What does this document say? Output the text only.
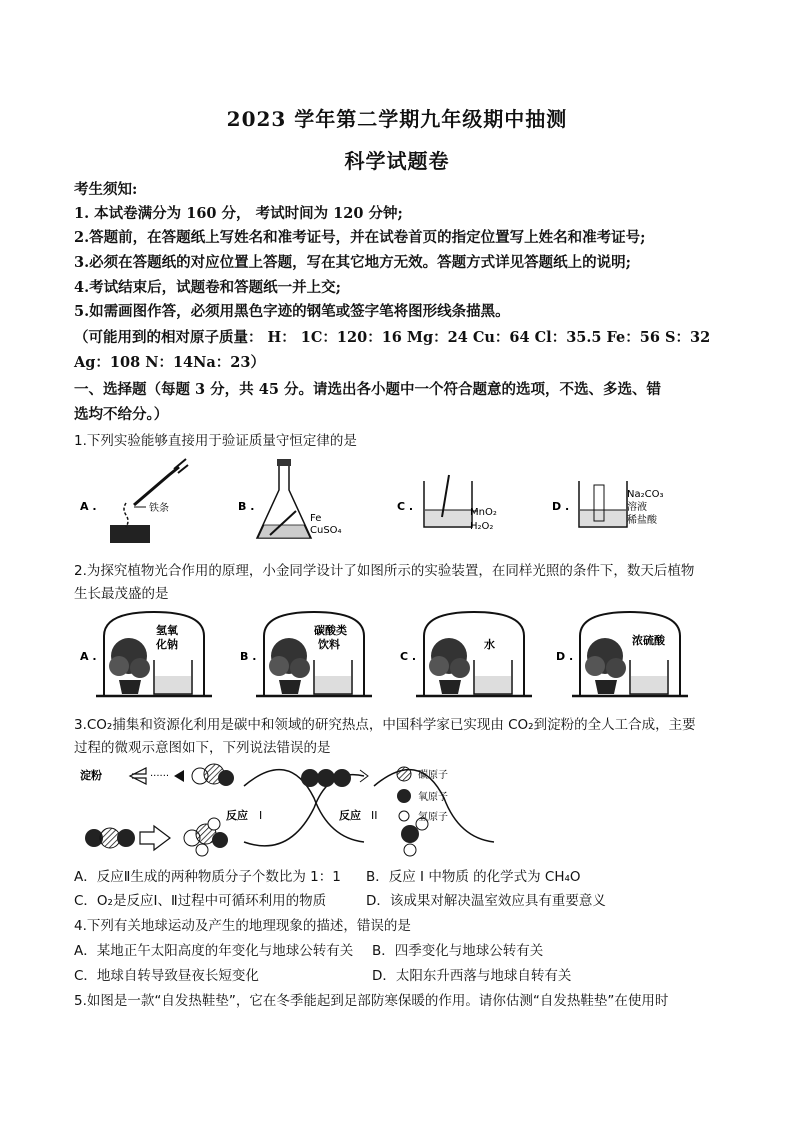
2023 学年第二学期九年级期中抽测
科学试题卷
考生须知:
1. 本试卷满分为 160 分， 考试时间为 120 分钟;
2.答题前，在答题纸上写姓名和准考证号，并在试卷首页的指定位置写上姓名和准考证号;
3.必须在答题纸的对应位置上答题，写在其它地方无效。答题方式详见答题纸上的说明;
4.考试结束后，试题卷和答题纸一并上交;
5.如需画图作答，必须用黑色字迹的钢笔或签字笔将图形线条描黑。
（可能用到的相对原子质量： H： 1C：120：16 Mg：24 Cu：64 Cl：35.5 Fe：56 S：32
Ag：108 N：14Na：23）
一、选择题（每题 3 分，共 45 分。请选出各小题中一个符合题意的选项，不选、多选、错
选均不给分。）
1.下列实验能够直接用于验证质量守恒定律的是
A .	铁条	B .
Fe
CuSO₄
C .	MnO₂
H₂O₂
D .
Na₂CO₃
溶液
稀盐酸
2.为探究植物光合作用的原理，小金同学设计了如图所示的实验装置，在同样光照的条件下，数天后植物
生长最茂盛的是
A .
氢氧
化钠
B .
碳酸类
饮料
C .
水
D .
浓硫酸
3.CO₂捕集和资源化利用是碳中和领域的研究热点，中国科学家已实现由 CO₂到淀粉的全人工合成，主要
过程的微观示意图如下，下列说法错误的是
淀粉	······
反应 I	反应 II
碳原子
氧原子
氢原子
A．反应Ⅱ生成的两种物质分子个数比为 1：1 B．反应 I 中物质 的化学式为 CH₄O
C．O₂是反应Ⅰ、Ⅱ过程中可循环利用的物质	D．该成果对解决温室效应具有重要意义
4.下列有关地球运动及产生的地理现象的描述，错误的是
A．某地正午太阳高度的年变化与地球公转有关 B．四季变化与地球公转有关
C．地球自转导致昼夜长短变化	D．太阳东升西落与地球自转有关
5.如图是一款“自发热鞋垫”，它在冬季能起到足部防寒保暖的作用。请你估测“自发热鞋垫”在使用时
